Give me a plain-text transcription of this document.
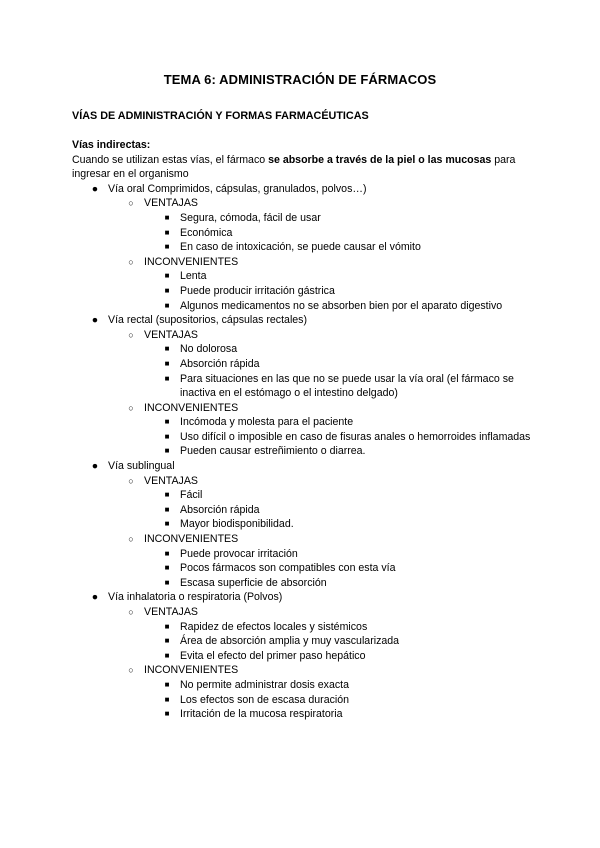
TEMA 6: ADMINISTRACIÓN DE FÁRMACOS
VÍAS DE ADMINISTRACIÓN Y FORMAS FARMACÉUTICAS
Vías indirectas:
Cuando se utilizan estas vías, el fármaco se absorbe a través de la piel o las mucosas para ingresar en el organismo
● Vía oral Comprimidos, cápsulas, granulados, polvos…)
○ VENTAJAS
■ Segura, cómoda, fácil de usar
■ Económica
■ En caso de intoxicación, se puede causar el vómito
○ INCONVENIENTES
■ Lenta
■ Puede producir irritación gástrica
■ Algunos medicamentos no se absorben bien por el aparato digestivo
● Vía rectal (supositorios, cápsulas rectales)
○ VENTAJAS
■ No dolorosa
■ Absorción rápida
■ Para situaciones en las que no se puede usar la vía oral (el fármaco se inactiva en el estómago o el intestino delgado)
○ INCONVENIENTES
■ Incómoda y molesta para el paciente
■ Uso difícil o imposible en caso de fisuras anales o hemorroides inflamadas
■ Pueden causar estreñimiento o diarrea.
● Vía sublingual
○ VENTAJAS
■ Fácil
■ Absorción rápida
■ Mayor biodisponibilidad.
○ INCONVENIENTES
■ Puede provocar irritación
■ Pocos fármacos son compatibles con esta vía
■ Escasa superficie de absorción
● Vía inhalatoria o respiratoria (Polvos)
○ VENTAJAS
■ Rapidez de efectos locales y sistémicos
■ Área de absorción amplia y muy vascularizada
■ Evita el efecto del primer paso hepático
○ INCONVENIENTES
■ No permite administrar dosis exacta
■ Los efectos son de escasa duración
■ Irritación de la mucosa respiratoria
